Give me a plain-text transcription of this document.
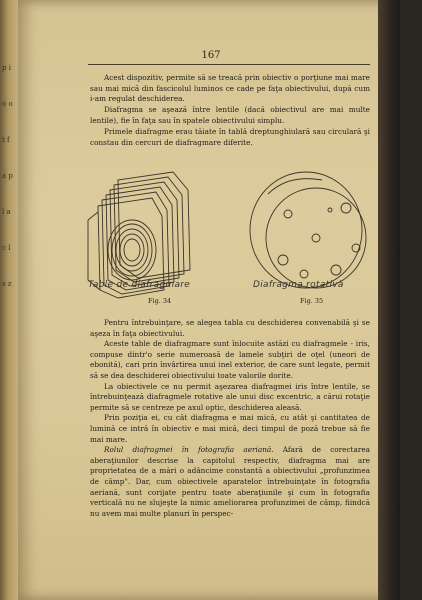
p i o o t f a p l a c l s z
167

Acest dispozitiv, permite să se treacă prin obiectiv o porţiune mai mare sau mai mică din fascicolul luminos ce cade pe faţa obiectivului, după cum i-am regulat deschiderea.

Diafragma se aşează între lentile (dacă obiectivul are mai multe lentile), fie în faţa sau în spatele obiectivului simplu.

Primele diafragme erau tăiate în tablă dreptunghiulară sau circulară şi constau din cercuri de diafragmare diferite.

Table de diafragmare
Fig. 34
Diafragma rotativă
Fig. 35

Pentru întrebuinţare, se alegea tabla cu deschiderea convenabilă şi se aşeza în faţa obiectivului.

Aceste table de diafragmare sunt înlocuite astăzi cu diafragmele - iris, compuse dintr'o serie numeroasă de lamele subţiri de oţel (uneori de ebonită), cari prin învârtirea unui inel exterior, de care sunt legate, permit să se dea deschiderei obiectivului toate valorile dorite.

La obiectivele ce nu permit aşezarea diafragmei iris între lentile, se întrebuinţează diafragmele rotative ale unui disc excentric, a cărui rotaţie permite să se centreze pe axul optic, deschiderea aleasă.

Prin poziţia ei, cu cât diafragma e mai mică, cu atât şi cantitatea de lumină ce intră în obiectiv e mai mică, deci timpul de poză trebue să fie mai mare.

Rolul diafragmei în fotografia aeriană. Afară de corectarea aberaţiunilor descrise la capitolul respectiv, diafragma mai are proprietatea de a mări o adâncime constantă a obiectivului „profunzimea de câmp". Dar, cum obiectivele aparatelor întrebuinţate în fotografia aeriană, sunt corijate pentru toate aberaţiunile şi cum în fotografia verticală nu ne slujeşte la nimic ameliorarea profunzimei de câmp, fiindcă nu avem mai multe planuri în perspec-
